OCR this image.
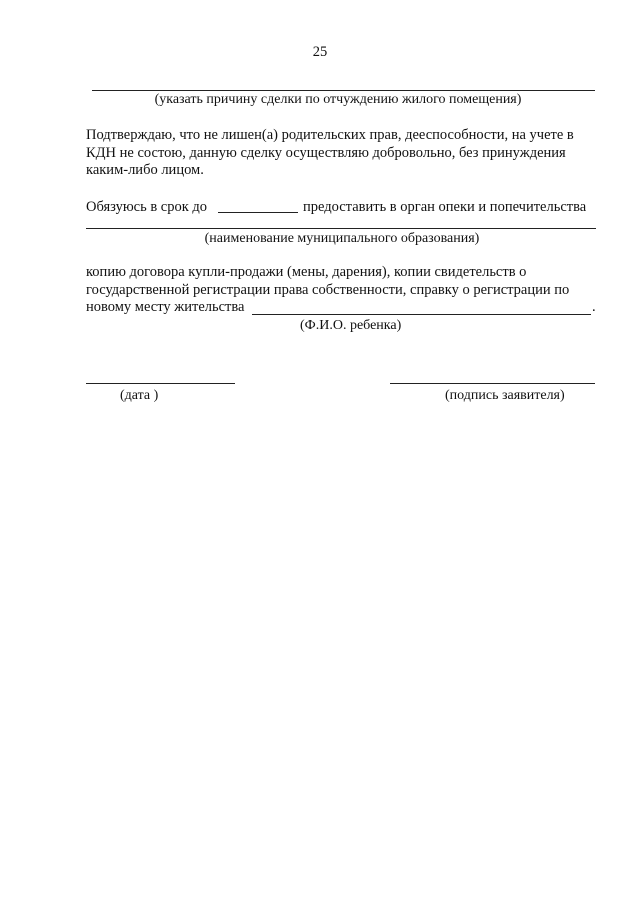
25
(указать причину сделки по отчуждению жилого помещения)
Подтверждаю, что не лишен(а) родительских прав, дееспособности, на учете в
КДН не состою, данную сделку осуществляю добровольно, без принуждения
каким-либо лицом.
Обязуюсь в срок до	предоставить в орган опеки и попечительства
(наименование муниципального образования)
копию договора купли-продажи (мены, дарения), копии свидетельств о
государственной регистрации права собственности, справку о регистрации по
новому месту жительства	.
(Ф.И.О. ребенка)
(дата )	(подпись заявителя)
